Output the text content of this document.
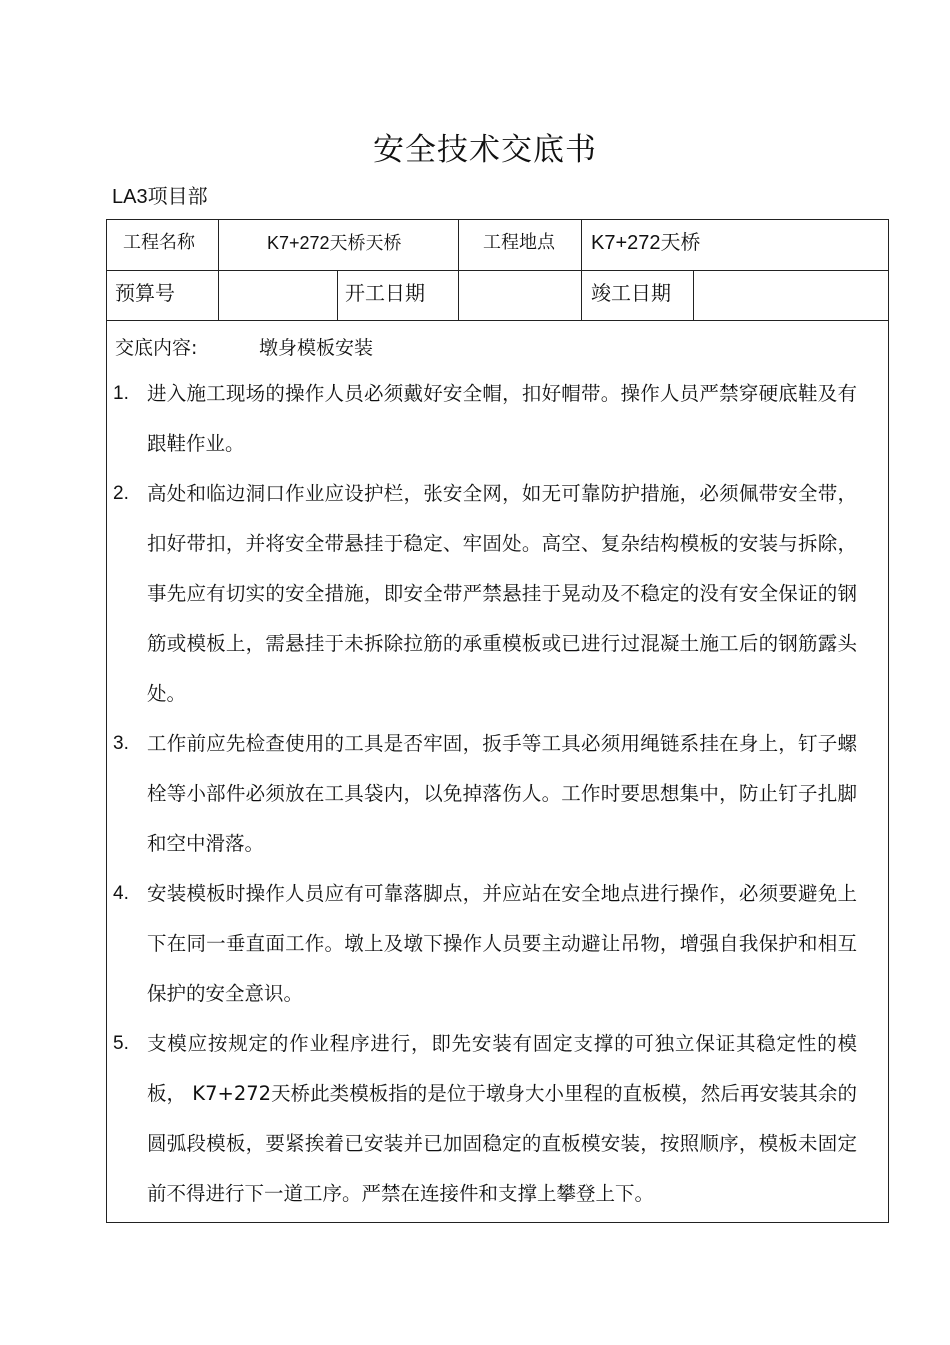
安全技术交底书
LA3项目部
工程名称	K7+272天桥天桥	工程地点 K7+272天桥
预算号	开工日期	竣工日期
交底内容:	墩身模板安装
1. 进入施工现场的操作人员必须戴好安全帽，扣好帽带。操作人员严禁穿硬底鞋及有跟鞋作业。
2. 高处和临边洞口作业应设护栏，张安全网，如无可靠防护措施，必须佩带安全带，扣好带扣，并将安全带悬挂于稳定、牢固处。高空、复杂结构模板的安装与拆除，事先应有切实的安全措施，即安全带严禁悬挂于晃动及不稳定的没有安全保证的钢筋或模板上，需悬挂于未拆除拉筋的承重模板或已进行过混凝土施工后的钢筋露头处。
3. 工作前应先检查使用的工具是否牢固，扳手等工具必须用绳链系挂在身上，钉子螺栓等小部件必须放在工具袋内，以免掉落伤人。工作时要思想集中，防止钉子扎脚和空中滑落。
4. 安装模板时操作人员应有可靠落脚点，并应站在安全地点进行操作，必须要避免上下在同一垂直面工作。墩上及墩下操作人员要主动避让吊物，增强自我保护和相互保护的安全意识。
5. 支模应按规定的作业程序进行，即先安装有固定支撑的可独立保证其稳定性的模板， K7+272天桥此类模板指的是位于墩身大小里程的直板模，然后再安装其余的圆弧段模板，要紧挨着已安装并已加固稳定的直板模安装，按照顺序，模板未固定前不得进行下一道工序。严禁在连接件和支撑上攀登上下。
